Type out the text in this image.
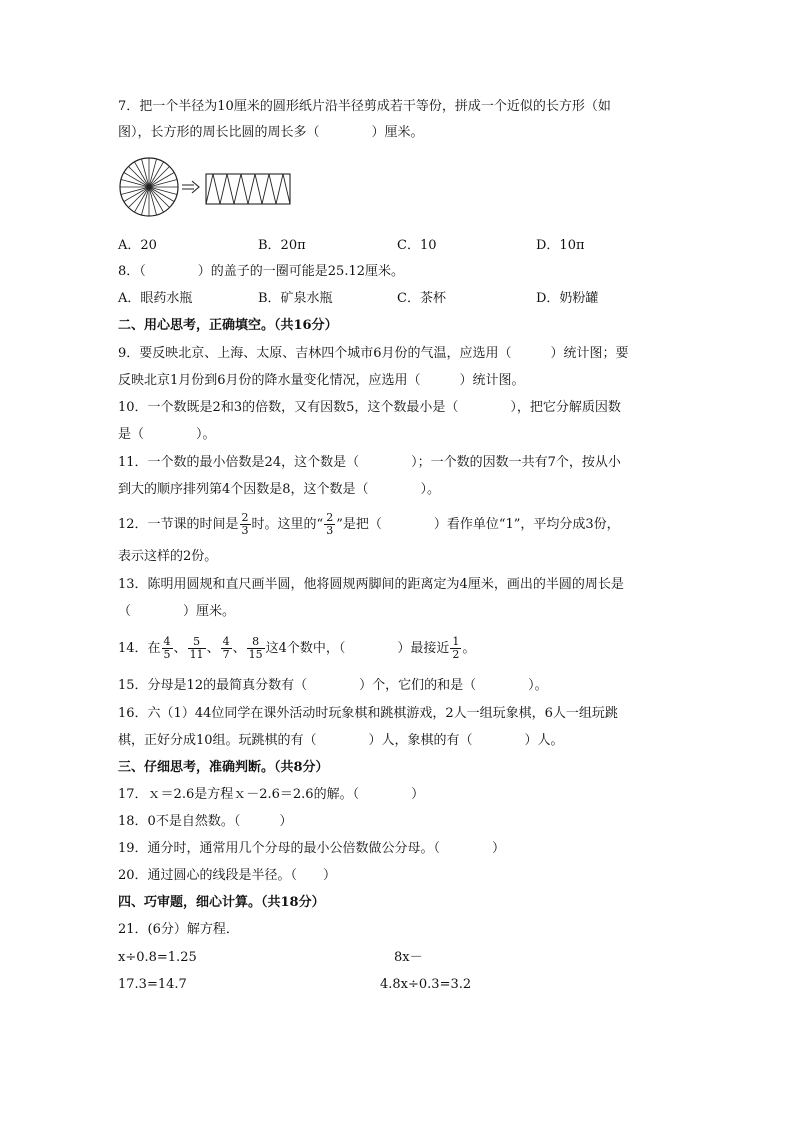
7．把一个半径为10厘米的圆形纸片沿半径剪成若干等份，拼成一个近似的长方形（如
图），长方形的周长比圆的周长多（　　　　）厘米。
A．20	B．20π	C．10	D．10π
8．（　　　　）的盖子的一圈可能是25.12厘米。
A．眼药水瓶	B．矿泉水瓶	C．茶杯	D．奶粉罐
二、用心思考，正确填空。（共16分）
9．要反映北京、上海、太原、吉林四个城市6月份的气温，应选用（　　　）统计图；要
反映北京1月份到6月份的降水量变化情况，应选用（　　　）统计图。
10．一个数既是2和3的倍数，又有因数5，这个数最小是（　　　　），把它分解质因数
是（　　　　）。
11．一个数的最小倍数是24，这个数是（　　　　）；一个数的因数一共有7个，按从小
到大的顺序排列第4个因数是8，这个数是（　　　　）。
12．一节课的时间是 $\frac{2}{3}$ 时。这里的“ $\frac{2}{3}$ ”是把（　　　　）看作单位“1”，平均分成3份，
表示这样的2份。
13．陈明用圆规和直尺画半圆，他将圆规两脚间的距离定为4厘米，画出的半圆的周长是
（　　　　）厘米。
14．在 $\frac{4}{5}$ 、 $\frac{5}{11}$ 、 $\frac{4}{7}$ 、 $\frac{8}{15}$ 这4个数中，（　　　　）最接近 $\frac{1}{2}$ 。
15．分母是12的最简真分数有（　　　　）个，它们的和是（　　　　）。
16．六（1）44位同学在课外活动时玩象棋和跳棋游戏，2人一组玩象棋，6人一组玩跳
棋，正好分成10组。玩跳棋的有（　　　　）人，象棋的有（　　　　）人。
三、仔细思考，准确判断。（共8分）
17．ｘ＝2.6是方程ｘ－2.6＝2.6的解。（　　　　）
18．0不是自然数。（　　　）
19．通分时，通常用几个分母的最小公倍数做公分母。（　　　　）
20．通过圆心的线段是半径。（　　）
四、巧审题，细心计算。（共18分）
21．(6分）解方程．
x÷0.8=1.25	8x－
17.3=14.7	4.8x÷0.3=3.2
